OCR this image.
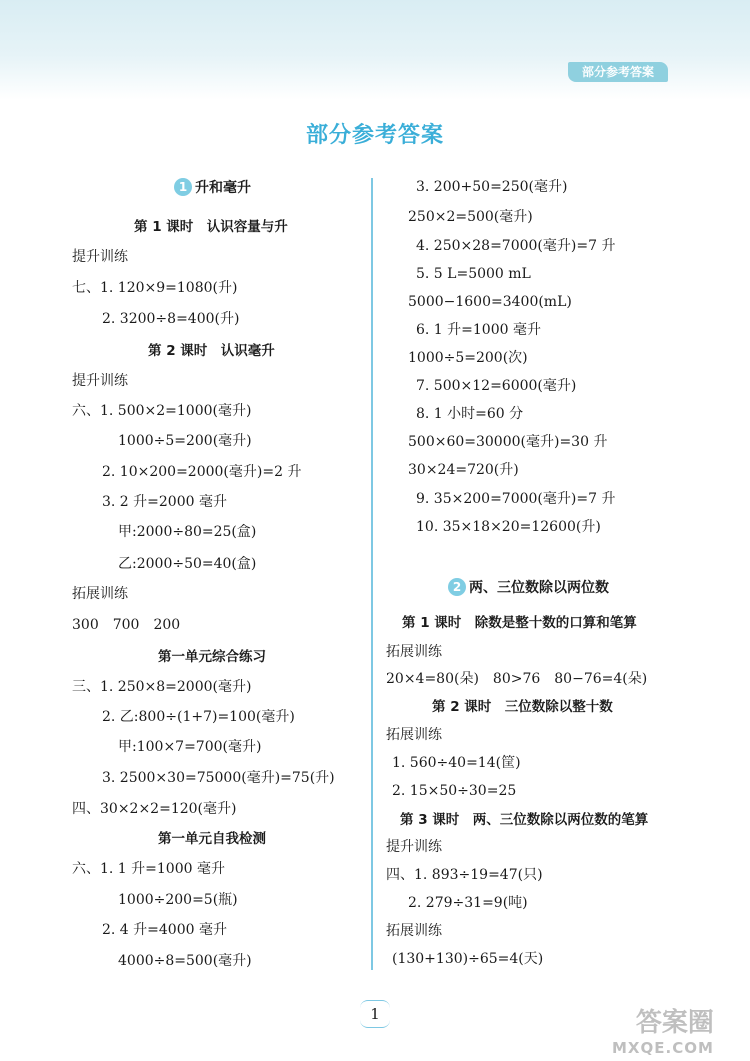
部分参考答案
部分参考答案
1 升和毫升
第 1 课时　认识容量与升
提升训练
七、1. 120×9=1080(升)
2. 3200÷8=400(升)
第 2 课时　认识毫升
提升训练
六、1. 500×2=1000(毫升)
1000÷5=200(毫升)
2. 10×200=2000(毫升)=2 升
3. 2 升=2000 毫升
甲:2000÷80=25(盒)
乙:2000÷50=40(盒)
拓展训练
300　700　200
第一单元综合练习
三、1. 250×8=2000(毫升)
2. 乙:800÷(1+7)=100(毫升)
甲:100×7=700(毫升)
3. 2500×30=75000(毫升)=75(升)
四、30×2×2=120(毫升)
第一单元自我检测
六、1. 1 升=1000 毫升
1000÷200=5(瓶)
2. 4 升=4000 毫升
4000÷8=500(毫升)
3. 200+50=250(毫升)
250×2=500(毫升)
4. 250×28=7000(毫升)=7 升
5. 5 L=5000 mL
5000−1600=3400(mL)
6. 1 升=1000 毫升
1000÷5=200(次)
7. 500×12=6000(毫升)
8. 1 小时=60 分
500×60=30000(毫升)=30 升
30×24=720(升)
9. 35×200=7000(毫升)=7 升
10. 35×18×20=12600(升)
2 两、三位数除以两位数
第 1 课时　除数是整十数的口算和笔算
拓展训练
20×4=80(朵)　80>76　80−76=4(朵)
第 2 课时　三位数除以整十数
拓展训练
1. 560÷40=14(筐)
2. 15×50÷30=25
第 3 课时　两、三位数除以两位数的笔算
提升训练
四、1. 893÷19=47(只)
2. 279÷31=9(吨)
拓展训练
(130+130)÷65=4(天)
1	答案圈
MXQE.COM
